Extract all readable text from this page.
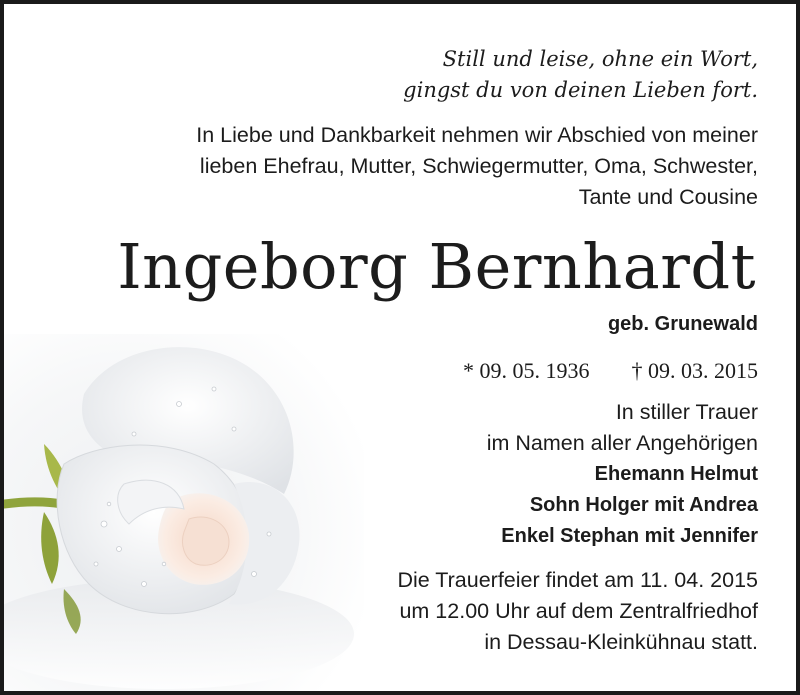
Still und leise, ohne ein Wort,
gingst du von deinen Lieben fort.
In Liebe und Dankbarkeit nehmen wir Abschied von meiner
lieben Ehefrau, Mutter, Schwiegermutter, Oma, Schwester,
Tante und Cousine
Ingeborg Bernhardt
geb. Grunewald
* 09. 05. 1936 † 09. 03. 2015
In stiller Trauer
im Namen aller Angehörigen
Ehemann Helmut
Sohn Holger mit Andrea
Enkel Stephan mit Jennifer
Die Trauerfeier findet am 11. 04. 2015
um 12.00 Uhr auf dem Zentralfriedhof
in Dessau-Kleinkühnau statt.
